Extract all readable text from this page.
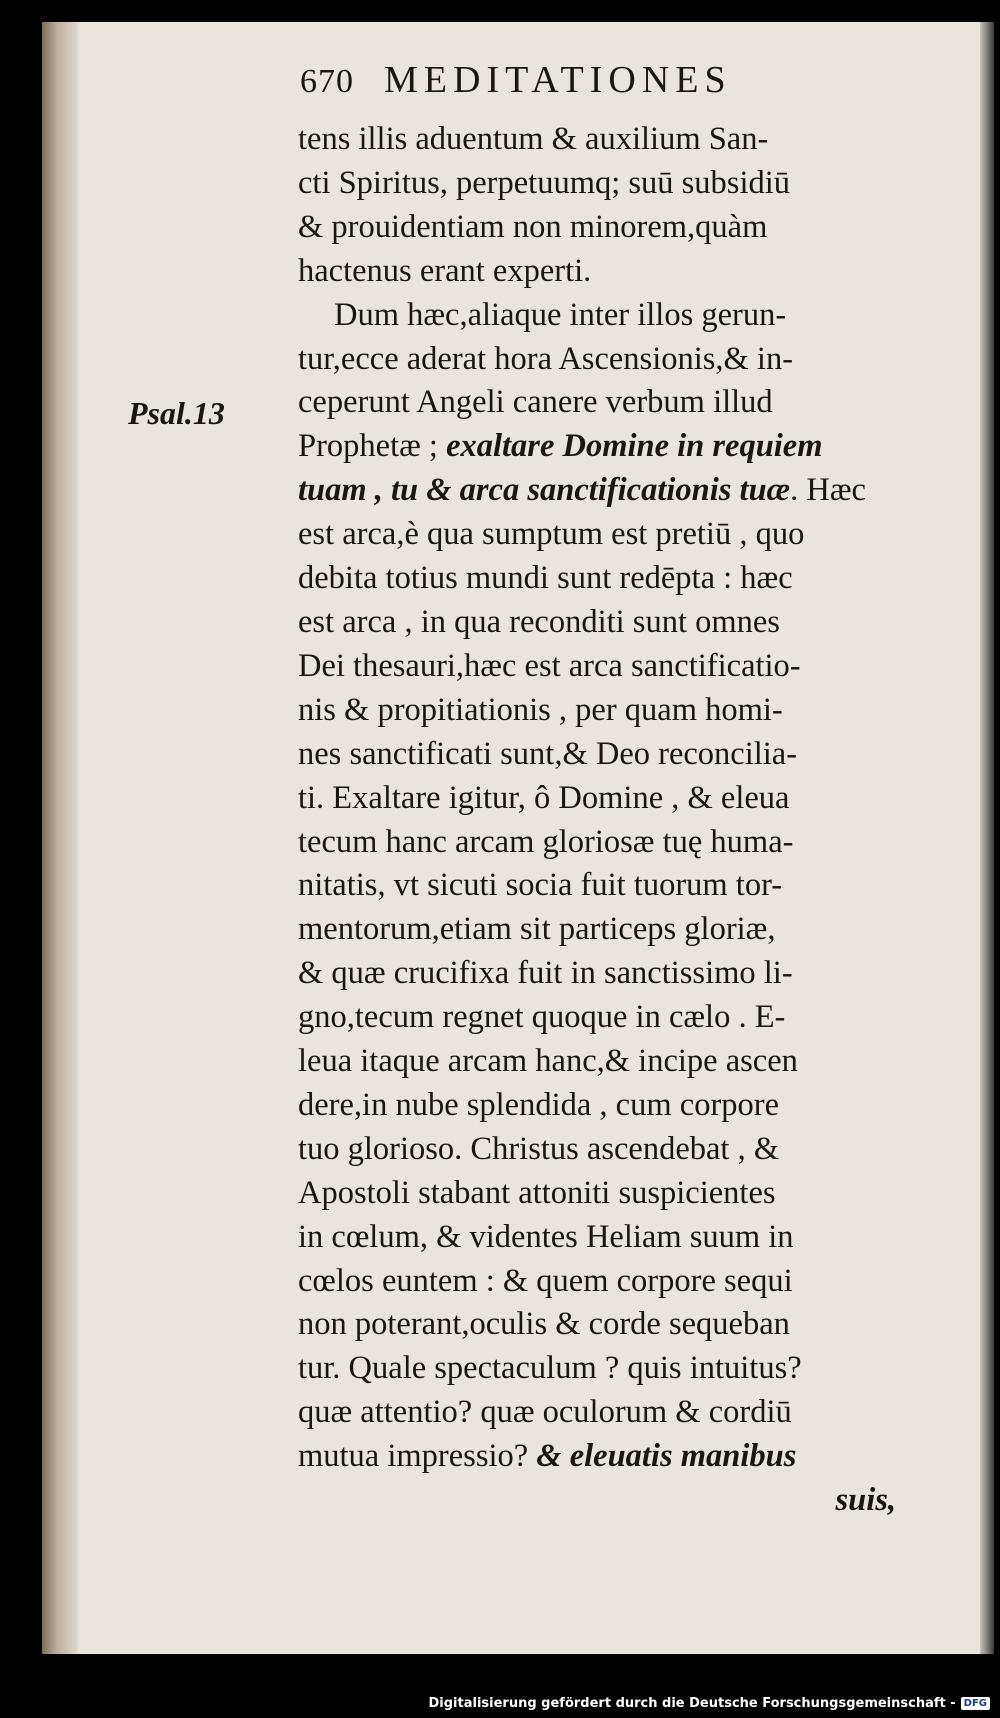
670 MEDITATIONES
Psal.13
tens illis aduentum & auxilium San-
cti Spiritus, perpetuumq; suū subsidiū
& prouidentiam non minorem,quàm
hactenus erant experti.
Dum hæc,aliaque inter illos gerun-
tur,ecce aderat hora Ascensionis,& in-
ceperunt Angeli canere verbum illud
Prophetæ ; exaltare Domine in requiem
tuam , tu & arca sanctificationis tuæ. Hæc
est arca,è qua sumptum est pretiū , quo
debita totius mundi sunt redēpta : hæc
est arca , in qua reconditi sunt omnes
Dei thesauri,hæc est arca sanctificatio-
nis & propitiationis , per quam homi-
nes sanctificati sunt,& Deo reconcilia-
ti. Exaltare igitur, ô Domine , & eleua
tecum hanc arcam gloriosæ tuę huma-
nitatis, vt sicuti socia fuit tuorum tor-
mentorum,etiam sit particeps gloriæ,
& quæ crucifixa fuit in sanctissimo li-
gno,tecum regnet quoque in cælo . E-
leua itaque arcam hanc,& incipe ascen
dere,in nube splendida , cum corpore
tuo glorioso. Christus ascendebat , &
Apostoli stabant attoniti suspicientes
in cœlum, & videntes Heliam suum in
cœlos euntem : & quem corpore sequi
non poterant,oculis & corde sequeban
tur. Quale spectaculum ? quis intuitus?
quæ attentio? quæ oculorum & cordiū
mutua impressio? & eleuatis manibus
suis,
Digitalisierung gefördert durch die Deutsche Forschungsgemeinschaft - DFG
